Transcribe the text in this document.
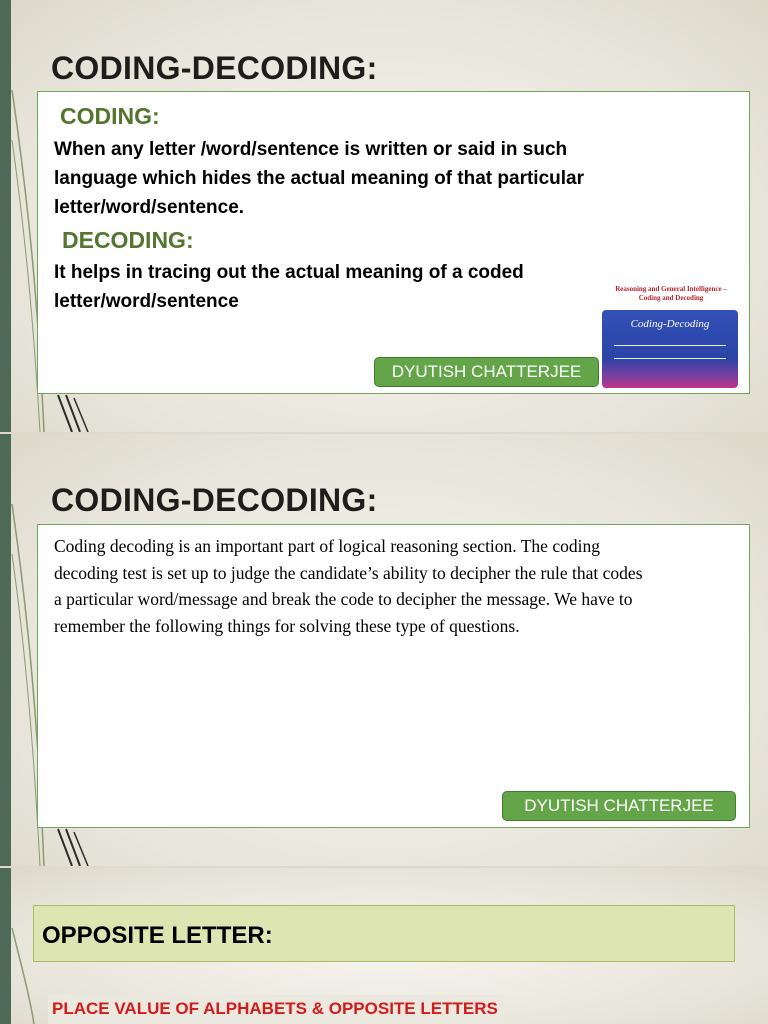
CODING-DECODING:
CODING:

When any letter /word/sentence is written or said in such

language which hides the actual meaning of that particular

letter/word/sentence.

DECODING:

It helps in tracing out the actual meaning of a coded

letter/word/sentence

DYUTISH CHATTERJEE
Reasoning and General Intelligence –
Coding and Decoding
Coding-Decoding
CODING-DECODING:

Coding decoding is an important part of logical reasoning section. The coding

decoding test is set up to judge the candidate’s ability to decipher the rule that codes

a particular word/message and break the code to decipher the message. We have to

remember the following things for solving these type of questions.

DYUTISH CHATTERJEE
OPPOSITE LETTER:
PLACE VALUE OF ALPHABETS & OPPOSITE LETTERS
